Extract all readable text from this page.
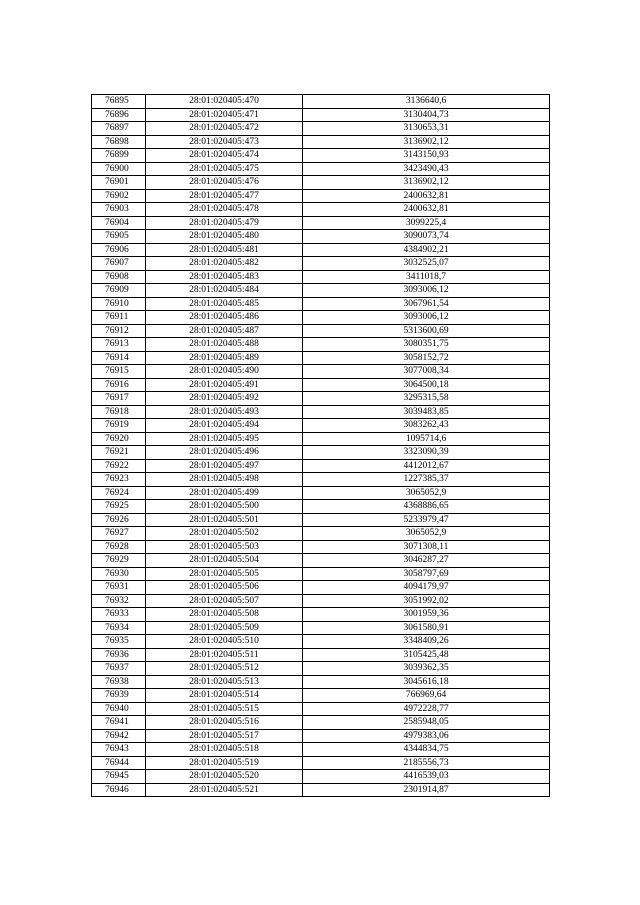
76895	28:01:020405:470	3136640,6
76896	28:01:020405:471	3130404,73
76897	28:01:020405:472	3130653,31
76898	28:01:020405:473	3136902,12
76899	28:01:020405:474	3143150,93
76900	28:01:020405:475	3423490,43
76901	28:01:020405:476	3136902,12
76902	28:01:020405:477	2400632,81
76903	28:01:020405:478	2400632,81
76904	28:01:020405:479	3099225,4
76905	28:01:020405:480	3090073,74
76906	28:01:020405:481	4384902,21
76907	28:01:020405:482	3032525,07
76908	28:01:020405:483	3411018,7
76909	28:01:020405:484	3093006,12
76910	28:01:020405:485	3067961,54
76911	28:01:020405:486	3093006,12
76912	28:01:020405:487	5313600,69
76913	28:01:020405:488	3080351,75
76914	28:01:020405:489	3058152,72
76915	28:01:020405:490	3077008,34
76916	28:01:020405:491	3064500,18
76917	28:01:020405:492	3295315,58
76918	28:01:020405:493	3039483,85
76919	28:01:020405:494	3083262,43
76920	28:01:020405:495	1095714,6
76921	28:01:020405:496	3323090,39
76922	28:01:020405:497	4412012,67
76923	28:01:020405:498	1227385,37
76924	28:01:020405:499	3065052,9
76925	28:01:020405:500	4368886,65
76926	28:01:020405:501	5233979,47
76927	28:01:020405:502	3065052,9
76928	28:01:020405:503	3071308,11
76929	28:01:020405:504	3046287,27
76930	28:01:020405:505	3058797,69
76931	28:01:020405:506	4094179,97
76932	28:01:020405:507	3051992,02
76933	28:01:020405:508	3001959,36
76934	28:01:020405:509	3061580,91
76935	28:01:020405:510	3348409,26
76936	28:01:020405:511	3105425,48
76937	28:01:020405:512	3039362,35
76938	28:01:020405:513	3045616,18
76939	28:01:020405:514	766969,64
76940	28:01:020405:515	4972228,77
76941	28:01:020405:516	2585948,05
76942	28:01:020405:517	4979383,06
76943	28:01:020405:518	4344834,75
76944	28:01:020405:519	2185556,73
76945	28:01:020405:520	4416539,03
76946	28:01:020405:521	2301914,87
